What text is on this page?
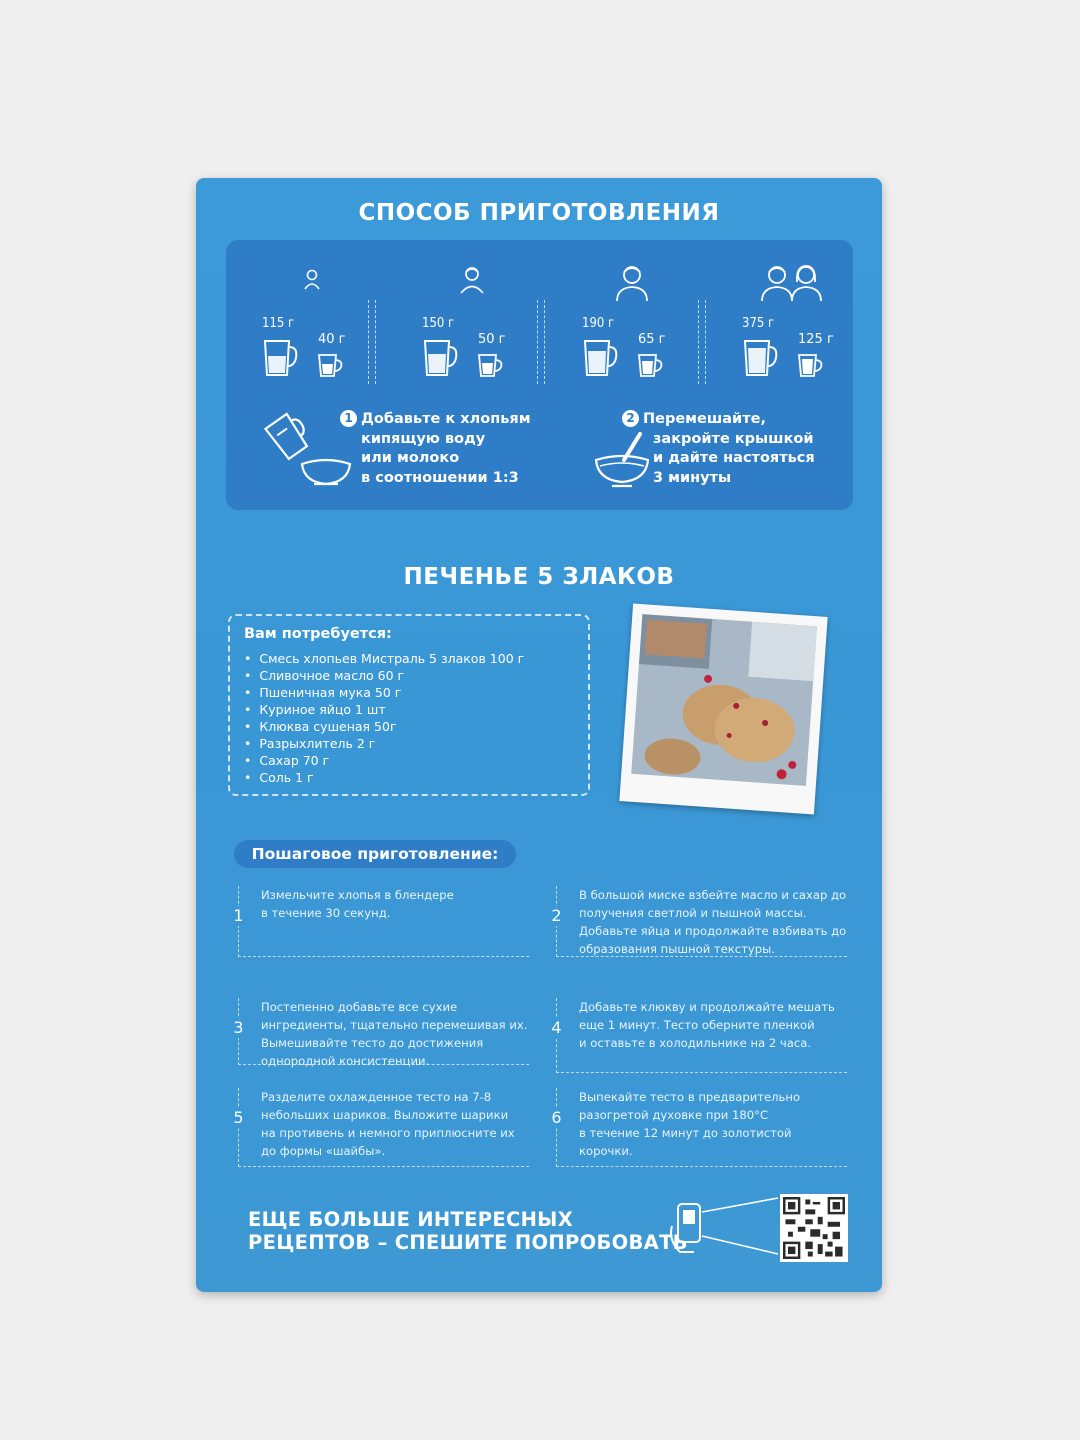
СПОСОБ ПРИГОТОВЛЕНИЯ
115 г
40 г
150 г
50 г
190 г
65 г
375 г
125 г
1 Добавьте к хлопьям
кипящую воду
или молоко
в соотношении 1:3
2 Перемешайте,
закройте крышкой
и дайте настояться
3 минуты
ПЕЧЕНЬЕ 5 ЗЛАКОВ
Вам потребуется:
• Смесь хлопьев Мистраль 5 злаков 100 г
• Сливочное масло 60 г
• Пшеничная мука 50 г
• Куриное яйцо 1 шт
• Клюква сушеная 50г
• Разрыхлитель 2 г
• Сахар 70 г
• Соль 1 г
Пошаговое приготовление:
1
Измельчите хлопья в блендере
в течение 30 секунд.	2
В большой миске взбейте масло и сахар до
получения светлой и пышной массы.
Добавьте яйца и продолжайте взбивать до
образования пышной текстуры.
3
Постепенно добавьте все сухие
ингредиенты, тщательно перемешивая их.
Вымешивайте тесто до достижения
однородной консистенции.
4
Добавьте клюкву и продолжайте мешать
еще 1 минут. Тесто оберните пленкой
и оставьте в холодильнике на 2 часа.
5
Разделите охлажденное тесто на 7-8
небольших шариков. Выложите шарики
на противень и немного приплюсните их
до формы «шайбы».
6
Выпекайте тесто в предварительно
разогретой духовке при 180°С
в течение 12 минут до золотистой корочки.
ЕЩЕ БОЛЬШЕ ИНТЕРЕСНЫХ
РЕЦЕПТОВ – СПЕШИТЕ ПОПРОБОВАТЬ
